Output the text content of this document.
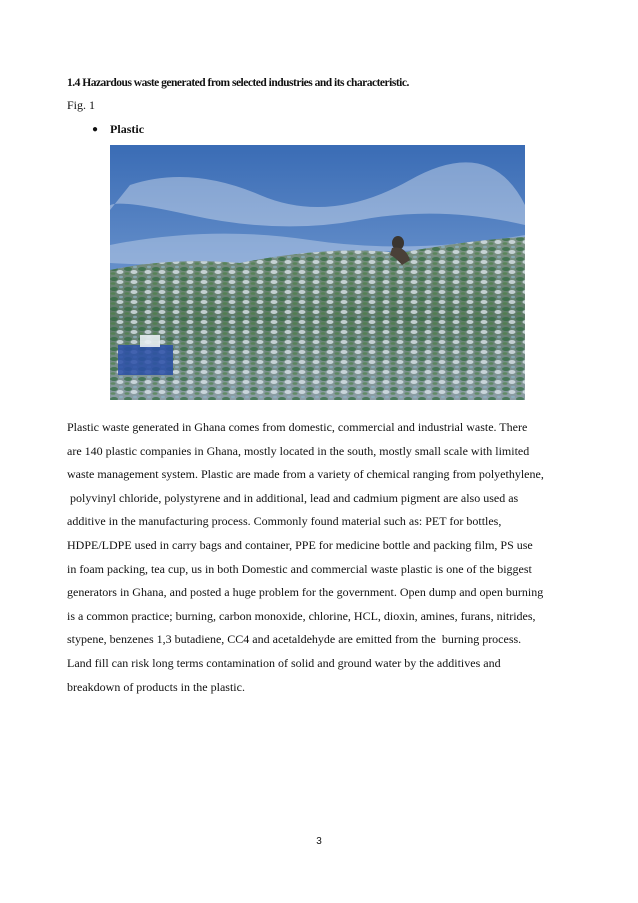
1.4 Hazardous waste generated from selected industries and its characteristic.
Fig. 1
● Plastic
Plastic waste generated in Ghana comes from domestic, commercial and industrial waste. There
are 140 plastic companies in Ghana, mostly located in the south, mostly small scale with limited
waste management system. Plastic are made from a variety of chemical ranging from polyethylene,
polyvinyl chloride, polystyrene and in additional, lead and cadmium pigment are also used as
additive in the manufacturing process. Commonly found material such as: PET for bottles,
HDPE/LDPE used in carry bags and container, PPE for medicine bottle and packing film, PS use
in foam packing, tea cup, us in both Domestic and commercial waste plastic is one of the biggest
generators in Ghana, and posted a huge problem for the government. Open dump and open burning
is a common practice; burning, carbon monoxide, chlorine, HCL, dioxin, amines, furans, nitrides,
stypene, benzenes 1,3 butadiene, CC4 and acetaldehyde are emitted from the  burning process.
Land fill can risk long terms contamination of solid and ground water by the additives and
breakdown of products in the plastic.
3
